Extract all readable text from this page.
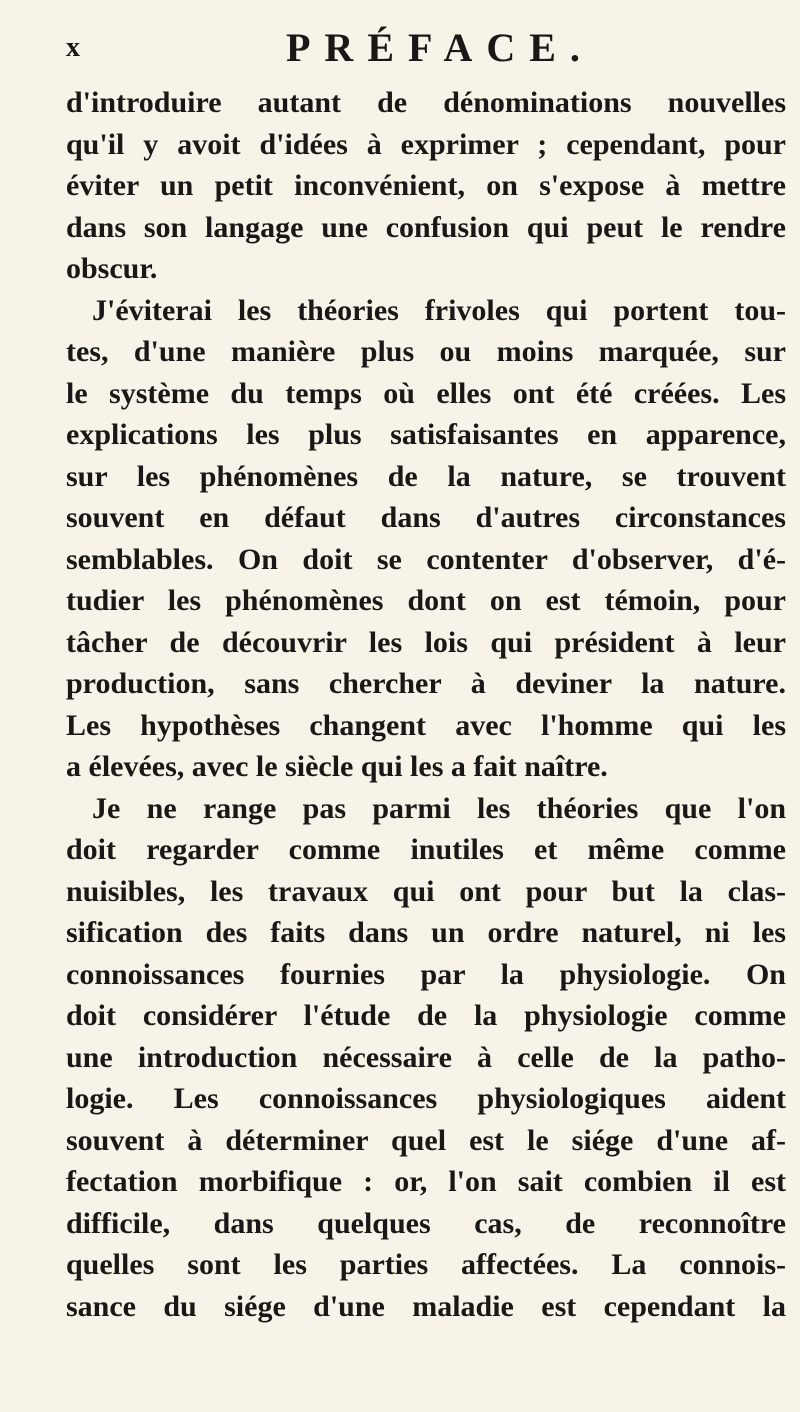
x	PRÉFACE.
d'introduire autant de dénominations nouvelles
qu'il y avoit d'idées à exprimer ; cependant, pour
éviter un petit inconvénient, on s'expose à mettre
dans son langage une confusion qui peut le rendre
obscur.
J'éviterai les théories frivoles qui portent tou-
tes, d'une manière plus ou moins marquée, sur
le système du temps où elles ont été créées. Les
explications les plus satisfaisantes en apparence,
sur les phénomènes de la nature, se trouvent
souvent en défaut dans d'autres circonstances
semblables. On doit se contenter d'observer, d'é-
tudier les phénomènes dont on est témoin, pour
tâcher de découvrir les lois qui président à leur
production, sans chercher à deviner la nature.
Les hypothèses changent avec l'homme qui les
a élevées, avec le siècle qui les a fait naître.
Je ne range pas parmi les théories que l'on
doit regarder comme inutiles et même comme
nuisibles, les travaux qui ont pour but la clas-
sification des faits dans un ordre naturel, ni les
connoissances fournies par la physiologie. On
doit considérer l'étude de la physiologie comme
une introduction nécessaire à celle de la patho-
logie. Les connoissances physiologiques aident
souvent à déterminer quel est le siége d'une af-
fectation morbifique : or, l'on sait combien il est
difficile, dans quelques cas, de reconnoître
quelles sont les parties affectées. La connois-
sance du siége d'une maladie est cependant la
